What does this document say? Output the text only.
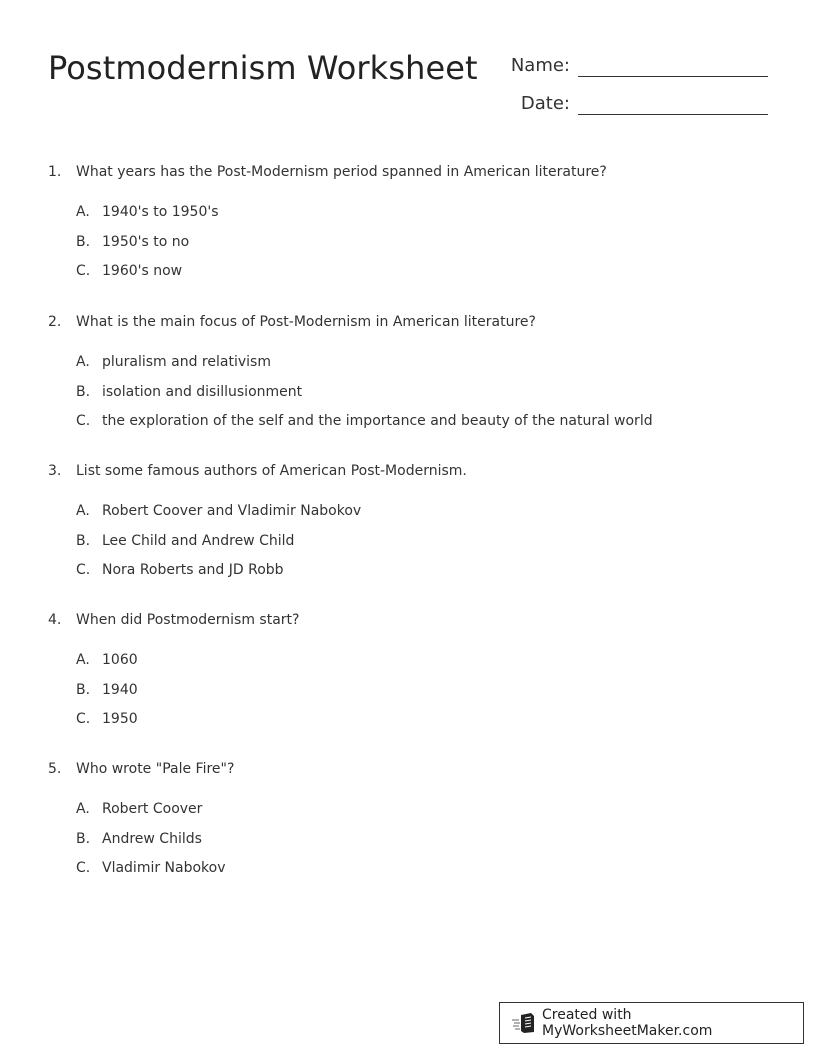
Postmodernism Worksheet	Name:
Date:
1.	What years has the Post-Modernism period spanned in American literature?
A. 1940's to 1950's
B. 1950's to no
C. 1960's now
2.	What is the main focus of Post-Modernism in American literature?
A. pluralism and relativism
B. isolation and disillusionment
C. the exploration of the self and the importance and beauty of the natural world
3.	List some famous authors of American Post-Modernism.
A. Robert Coover and Vladimir Nabokov
B. Lee Child and Andrew Child
C. Nora Roberts and JD Robb
4.	When did Postmodernism start?
A. 1060
B. 1940
C. 1950
5.	Who wrote "Pale Fire"?
A. Robert Coover
B. Andrew Childs
C. Vladimir Nabokov
Created with MyWorksheetMaker.com
